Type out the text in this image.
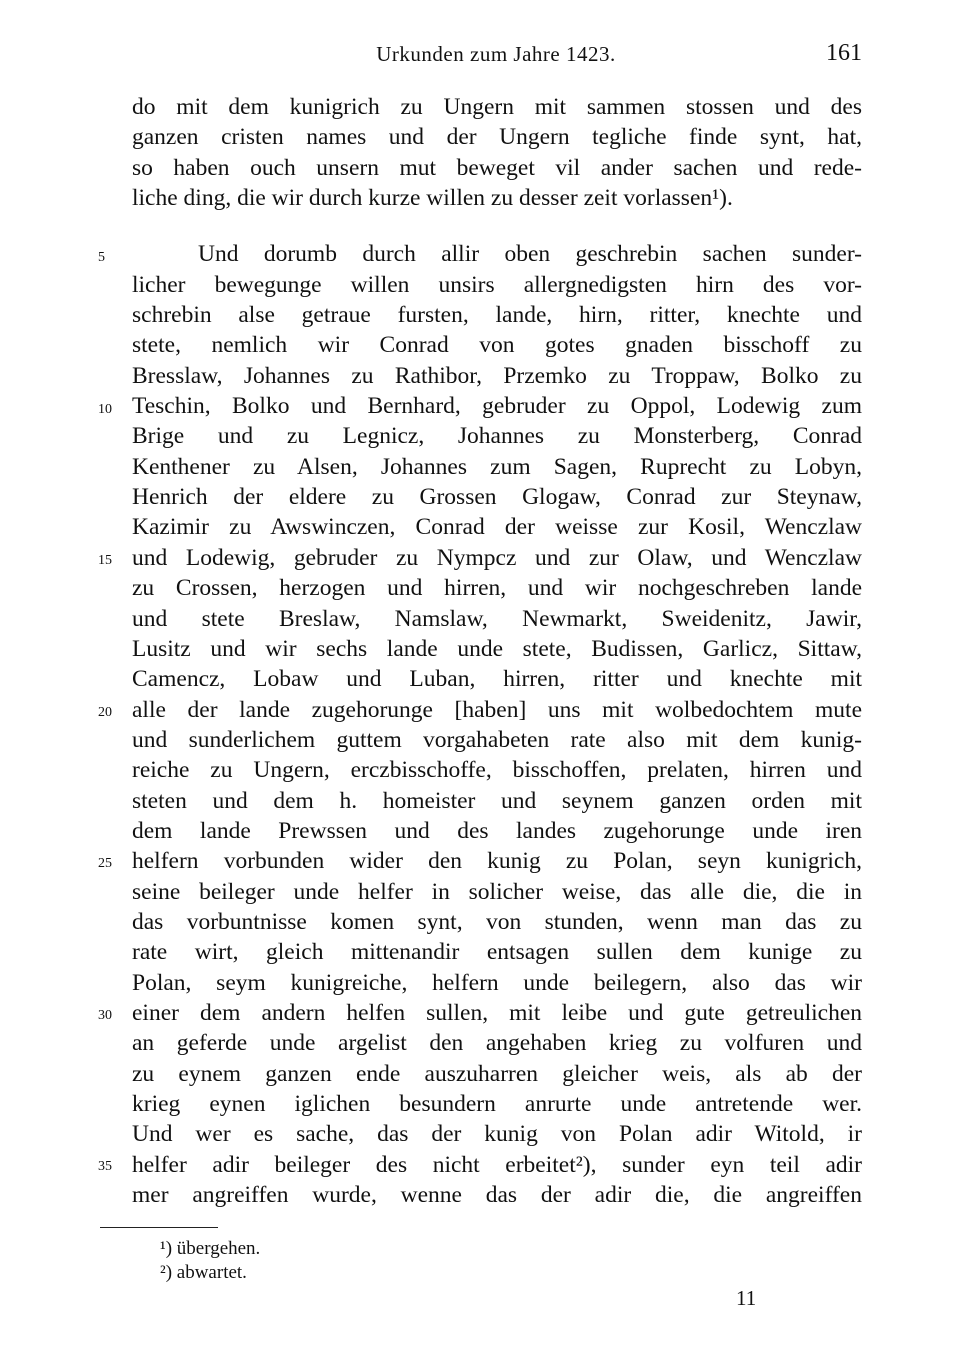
Urkunden zum Jahre 1423.	161
5
10
15
20
25
30
35
do mit dem kunigrich zu Ungern mit sammen stossen und des
ganzen cristen names und der Ungern tegliche finde synt, hat,
so haben ouch unsern mut beweget vil ander sachen und rede-
liche ding, die wir durch kurze willen zu desser zeit vorlassen¹).
Und dorumb durch allir oben geschrebin sachen sunder-
licher bewegunge willen unsirs allergnedigsten hirn des vor-
schrebin alse getraue fursten, lande, hirn, ritter, knechte und
stete, nemlich wir Conrad von gotes gnaden bisschoff zu
Bresslaw, Johannes zu Rathibor, Przemko zu Troppaw, Bolko zu
Teschin, Bolko und Bernhard, gebruder zu Oppol, Lodewig zum
Brige und zu Legnicz, Johannes zu Monsterberg, Conrad
Kenthener zu Alsen, Johannes zum Sagen, Ruprecht zu Lobyn,
Henrich der eldere zu Grossen Glogaw, Conrad zur Steynaw,
Kazimir zu Awswinczen, Conrad der weisse zur Kosil, Wenczlaw
und Lodewig, gebruder zu Nympcz und zur Olaw, und Wenczlaw
zu Crossen, herzogen und hirren, und wir nochgeschreben lande
und stete Breslaw, Namslaw, Newmarkt, Sweidenitz, Jawir,
Lusitz und wir sechs lande unde stete, Budissen, Garlicz, Sittaw,
Camencz, Lobaw und Luban, hirren, ritter und knechte mit
alle der lande zugehorunge [haben] uns mit wolbedochtem mute
und sunderlichem guttem vorgahabeten rate also mit dem kunig-
reiche zu Ungern, erczbisschoffe, bisschoffen, prelaten, hirren und
steten und dem h. homeister und seynem ganzen orden mit
dem lande Prewssen und des landes zugehorunge unde iren
helfern vorbunden wider den kunig zu Polan, seyn kunigrich,
seine beileger unde helfer in solicher weise, das alle die, die in
das vorbuntnisse komen synt, von stunden, wenn man das zu
rate wirt, gleich mittenandir entsagen sullen dem kunige zu
Polan, seym kunigreiche, helfern unde beilegern, also das wir
einer dem andern helfen sullen, mit leibe und gute getreulichen
an geferde unde argelist den angehaben krieg zu volfuren und
zu eynem ganzen ende auszuharren gleicher weis, als ab der
krieg eynen iglichen besundern anrurte unde antretende wer.
Und wer es sache, das der kunig von Polan adir Witold, ir
helfer adir beileger des nicht erbeitet²), sunder eyn teil adir
mer angreiffen wurde, wenne das der adir die, die angreiffen
¹) übergehen.
²) abwartet.
11
